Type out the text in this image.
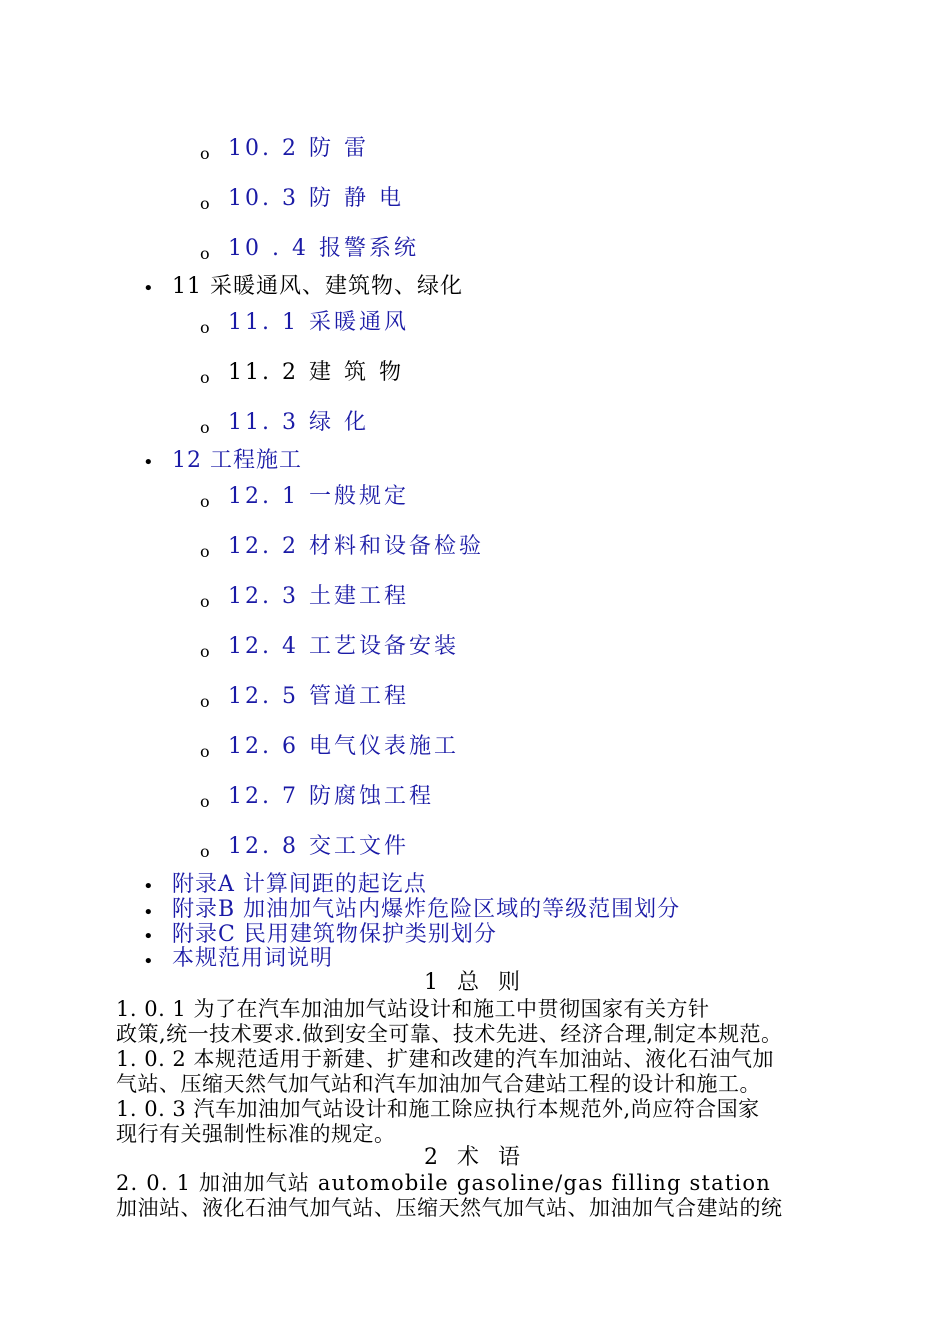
o 10. 2 防 雷
o 10. 3 防 静 电
o 10 . 4 报警系统
• 11 采暖通风、建筑物、绿化
o 11. 1 采暖通风
o 11. 2 建 筑 物
o 11. 3 绿 化
• 12 工程施工
o 12. 1 一般规定
o 12. 2 材料和设备检验
o 12. 3 土建工程
o 12. 4 工艺设备安装
o 12. 5 管道工程
o 12. 6 电气仪表施工
o 12. 7 防腐蚀工程
o 12. 8 交工文件
• 附录A 计算间距的起讫点
• 附录B 加油加气站内爆炸危险区域的等级范围划分
• 附录C 民用建筑物保护类别划分
• 本规范用词说明
1 总 则
1. 0. 1 为了在汽车加油加气站设计和施工中贯彻国家有关方针
政策,统一技术要求.做到安全可靠、技术先进、经济合理,制定本规范。
1. 0. 2 本规范适用于新建、扩建和改建的汽车加油站、液化石油气加
气站、压缩天然气加气站和汽车加油加气合建站工程的设计和施工。
1. 0. 3 汽车加油加气站设计和施工除应执行本规范外,尚应符合国家
现行有关强制性标准的规定。
2 术 语
2. 0. 1 加油加气站 automobile gasoline/gas filling station
加油站、液化石油气加气站、压缩天然气加气站、加油加气合建站的统
